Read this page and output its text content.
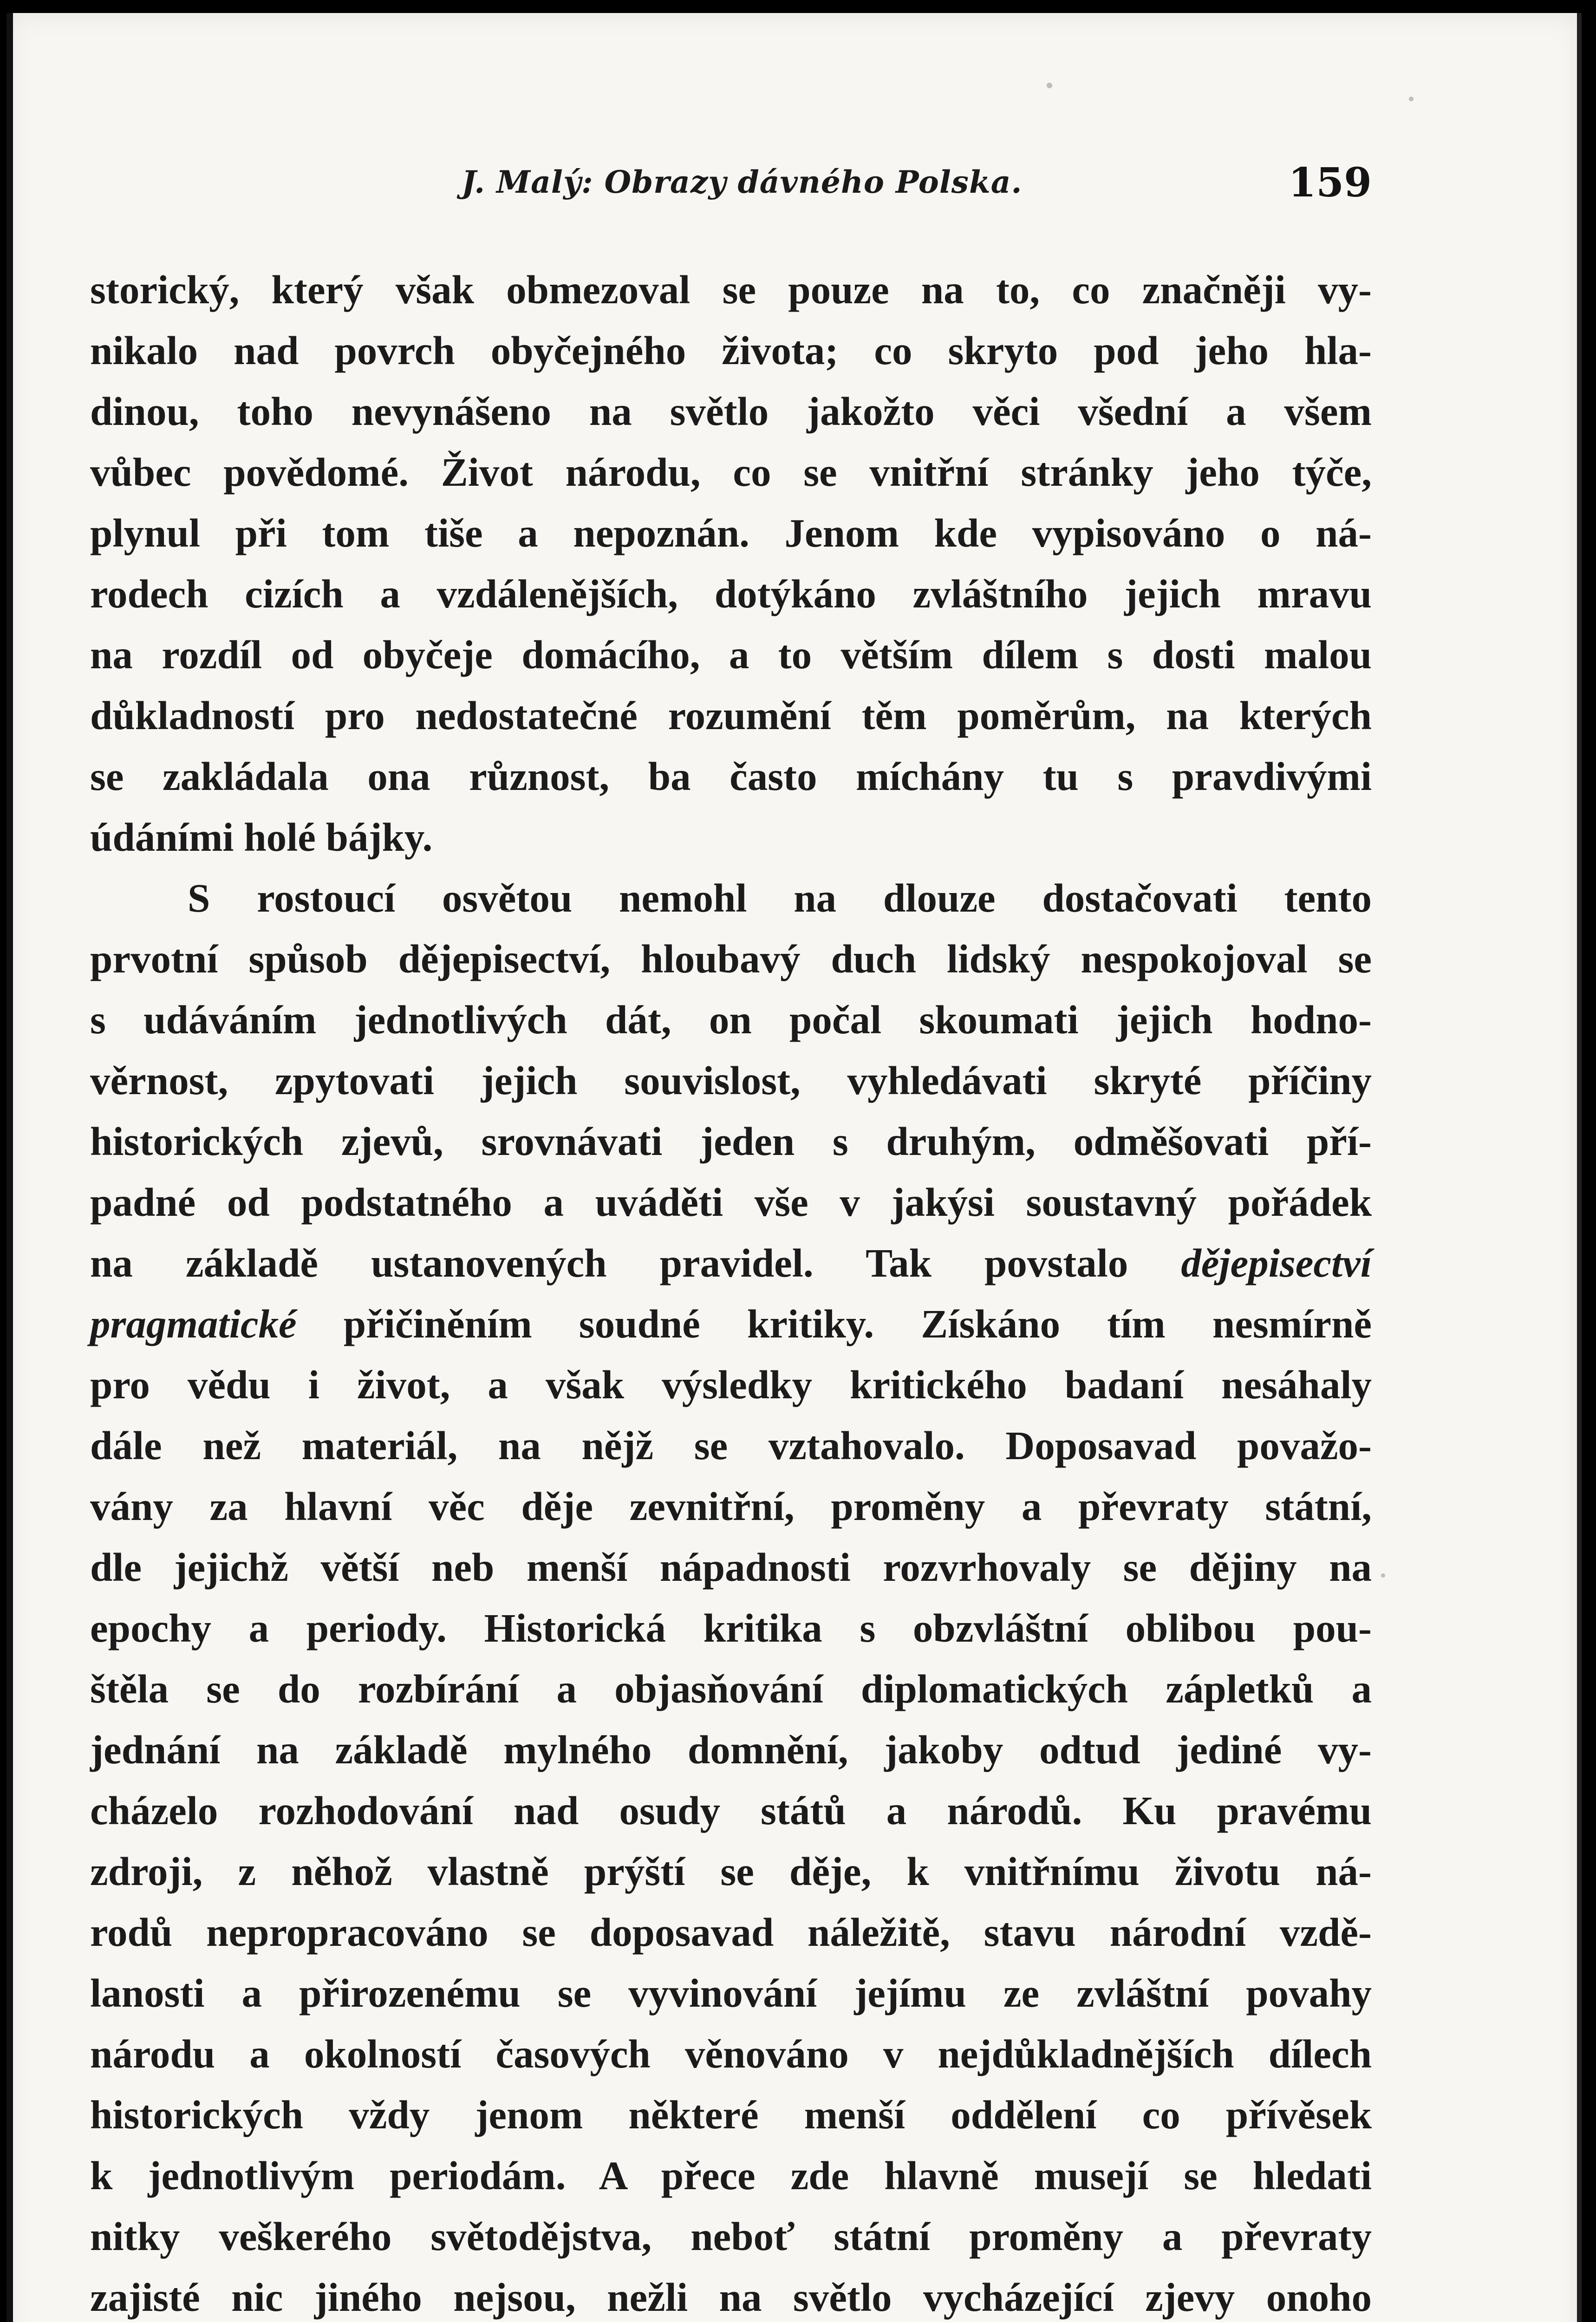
J. Malý: Obrazy dávného Polska.	159
storický, který však obmezoval se pouze na to, co značněji vy-
nikalo nad povrch obyčejného života; co skryto pod jeho hla-
dinou, toho nevynášeno na světlo jakožto věci všední a všem
vůbec povědomé. Život národu, co se vnitřní stránky jeho týče,
plynul při tom tiše a nepoznán. Jenom kde vypisováno o ná-
rodech cizích a vzdálenějších, dotýkáno zvláštního jejich mravu
na rozdíl od obyčeje domácího, a to větším dílem s dosti malou
důkladností pro nedostatečné rozumění těm poměrům, na kterých
se zakládala ona různost, ba často míchány tu s pravdivými
údáními holé bájky.
S rostoucí osvětou nemohl na dlouze dostačovati tento
prvotní spůsob dějepisectví, hloubavý duch lidský nespokojoval se
s udáváním jednotlivých dát, on počal skoumati jejich hodno-
věrnost, zpytovati jejich souvislost, vyhledávati skryté příčiny
historických zjevů, srovnávati jeden s druhým, odměšovati pří-
padné od podstatného a uváděti vše v jakýsi soustavný pořádek
na základě ustanovených pravidel. Tak povstalo dějepisectví
pragmatické přičiněním soudné kritiky. Získáno tím nesmírně
pro vědu i život, a však výsledky kritického badaní nesáhaly
dále než materiál, na nějž se vztahovalo. Doposavad považo-
vány za hlavní věc děje zevnitřní, proměny a převraty státní,
dle jejichž větší neb menší nápadnosti rozvrhovaly se dějiny na
epochy a periody. Historická kritika s obzvláštní oblibou pou-
štěla se do rozbírání a objasňování diplomatických zápletků a
jednání na základě mylného domnění, jakoby odtud jediné vy-
cházelo rozhodování nad osudy států a národů. Ku pravému
zdroji, z něhož vlastně prýští se děje, k vnitřnímu životu ná-
rodů nepropracováno se doposavad náležitě, stavu národní vzdě-
lanosti a přirozenému se vyvinování jejímu ze zvláštní povahy
národu a okolností časových věnováno v nejdůkladnějších dílech
historických vždy jenom některé menší oddělení co přívěsek
k jednotlivým periodám. A přece zde hlavně musejí se hledati
nitky veškerého světodějstva, neboť státní proměny a převraty
zajisté nic jiného nejsou, nežli na světlo vycházející zjevy onoho
